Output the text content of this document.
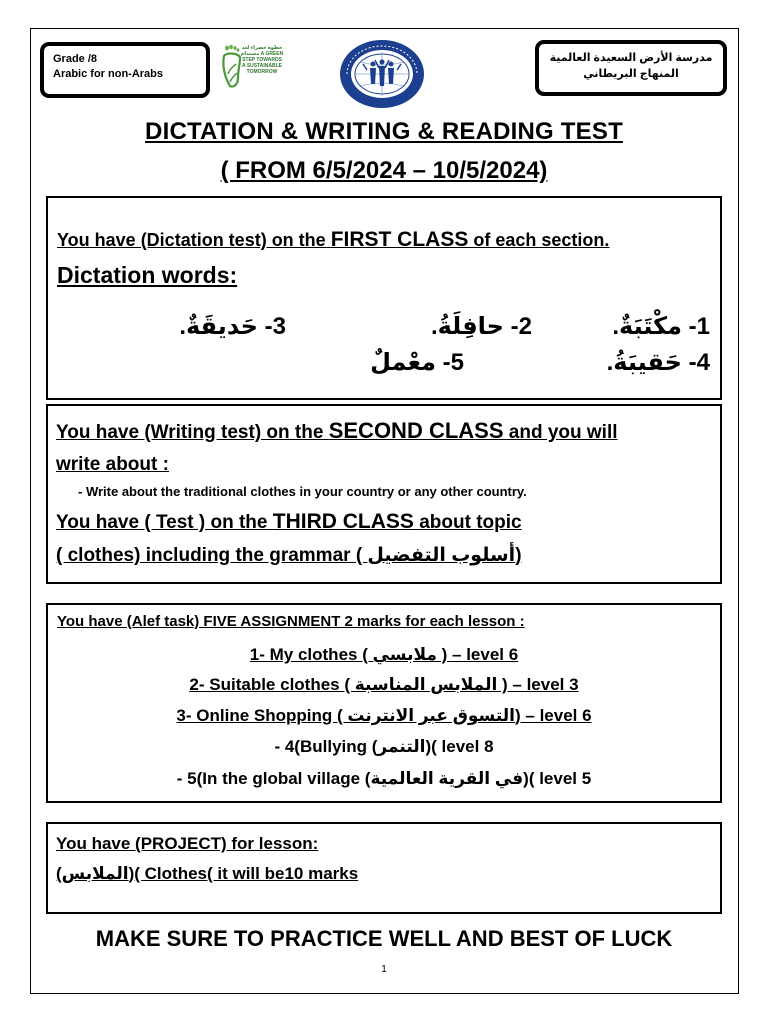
Grade /8
Arabic for non-Arabs
خطوة خضراء لغد مستدام A GREEN STEP TOWARDS A SUSTAINABLE TOMORROW
مدرسة الأرض السعيدة العالمية
المنهاج البريطاني
DICTATION & WRITING & READING TEST
( FROM 6/5/2024 – 10/5/2024)
You have (Dictation test) on the FIRST CLASS of each section.
Dictation words:
1- مكْتَبَةٌ.
2- حافِلَةُ.
3- حَديقَةٌ.
4- حَقيبَةُ.
5- معْملٌ
You have (Writing test) on the SECOND CLASS and you will
write about :
- Write about the traditional clothes in your country or any other country.
You have ( Test ) on the THIRD CLASS about topic
( clothes) including the grammar ( أسلوب التفضيل)
You have (Alef task) FIVE ASSIGNMENT 2 marks for each lesson :
1- My clothes ( ملابسي ) – level 6
2- Suitable clothes ( الملابس المناسبة ) – level 3
3- Online Shopping ( التسوق عبر الانترنت) – level 6
- 4(Bullying (التنمر)( level 8
- 5(In the global village (في القرية العالمية)( level 5
You have (PROJECT) for lesson:
(الملابس)( Clothes( it will be10 marks
MAKE SURE TO PRACTICE WELL AND BEST OF LUCK
1
